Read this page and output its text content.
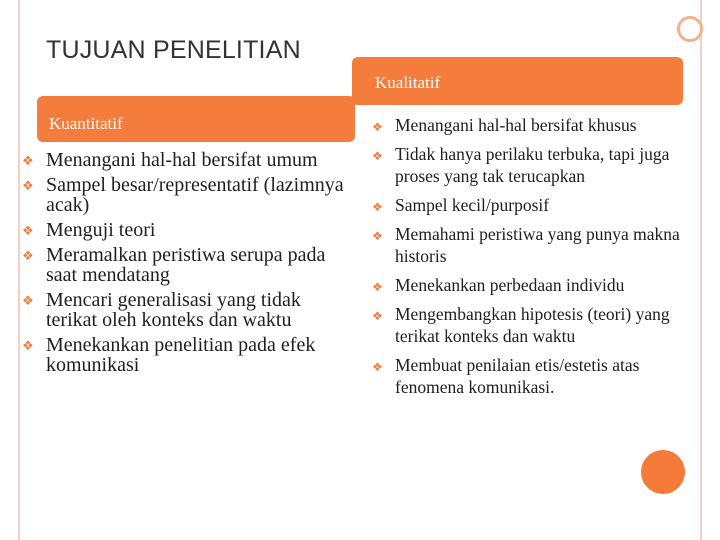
TUJUAN PENELITIAN
Kualitatif
Kuantitatif
❖ Menangani hal-hal bersifat umum
❖ Sampel besar/representatif (lazimnya acak)
❖ Menguji teori
❖ Meramalkan peristiwa serupa pada saat mendatang
❖ Mencari generalisasi yang tidak terikat oleh konteks dan waktu
❖ Menekankan penelitian pada efek komunikasi
❖ Menangani hal-hal bersifat khusus
❖ Tidak hanya perilaku terbuka, tapi juga proses yang tak terucapkan
❖ Sampel kecil/purposif
❖ Memahami peristiwa yang punya makna historis
❖ Menekankan perbedaan individu
❖ Mengembangkan hipotesis (teori) yang terikat konteks dan waktu
❖ Membuat penilaian etis/estetis atas fenomena komunikasi.
